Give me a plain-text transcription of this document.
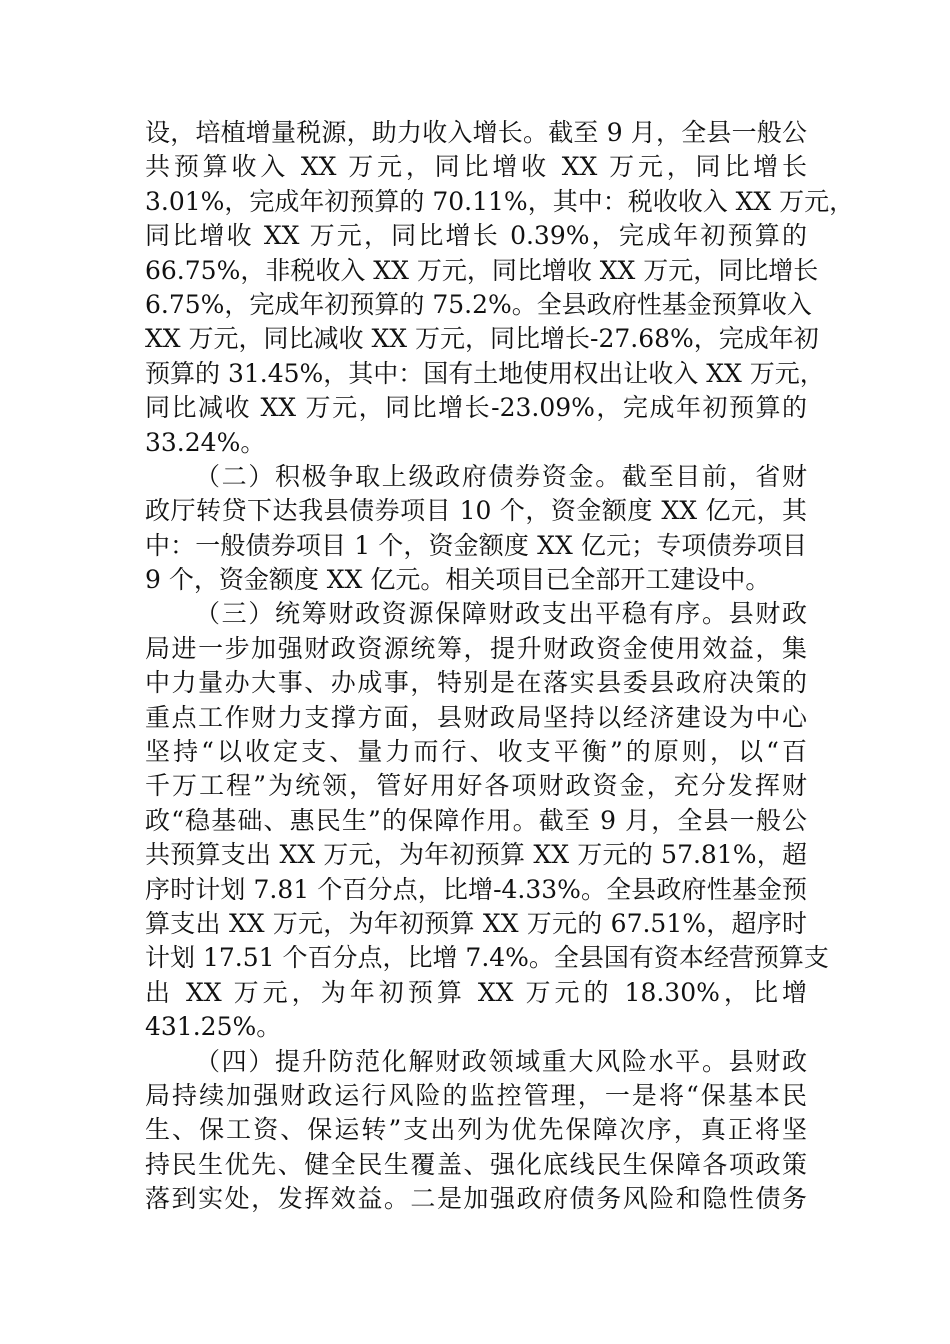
设，培植增量税源，助力收入增长。截至 9 月，全县一般公
共预算收入 XX 万元，同比增收 XX 万元，同比增长
3.01%，完成年初预算的 70.11%，其中：税收收入 XX 万元，
同比增收 XX 万元，同比增长 0.39%，完成年初预算的
66.75%，非税收入 XX 万元，同比增收 XX 万元，同比增长
6.75%，完成年初预算的 75.2%。全县政府性基金预算收入
XX 万元，同比减收 XX 万元，同比增长-27.68%，完成年初
预算的 31.45%，其中：国有土地使用权出让收入 XX 万元，
同比减收 XX 万元，同比增长-23.09%，完成年初预算的
33.24%。
（二）积极争取上级政府债券资金。截至目前，省财
政厅转贷下达我县债券项目 10 个，资金额度 XX 亿元，其
中：一般债券项目 1 个，资金额度 XX 亿元；专项债券项目
9 个，资金额度 XX 亿元。相关项目已全部开工建设中。
（三）统筹财政资源保障财政支出平稳有序。县财政
局进一步加强财政资源统筹，提升财政资金使用效益，集
中力量办大事、办成事，特别是在落实县委县政府决策的
重点工作财力支撑方面，县财政局坚持以经济建设为中心
坚持“以收定支、量力而行、收支平衡”的原则，以“百
千万工程”为统领，管好用好各项财政资金，充分发挥财
政“稳基础、惠民生”的保障作用。截至 9 月，全县一般公
共预算支出 XX 万元，为年初预算 XX 万元的 57.81%，超
序时计划 7.81 个百分点，比增-4.33%。全县政府性基金预
算支出 XX 万元，为年初预算 XX 万元的 67.51%，超序时
计划 17.51 个百分点，比增 7.4%。全县国有资本经营预算支
出 XX 万元，为年初预算 XX 万元的 18.30%，比增
431.25%。
（四）提升防范化解财政领域重大风险水平。县财政
局持续加强财政运行风险的监控管理，一是将“保基本民
生、保工资、保运转”支出列为优先保障次序，真正将坚
持民生优先、健全民生覆盖、强化底线民生保障各项政策
落到实处，发挥效益。二是加强政府债务风险和隐性债务
